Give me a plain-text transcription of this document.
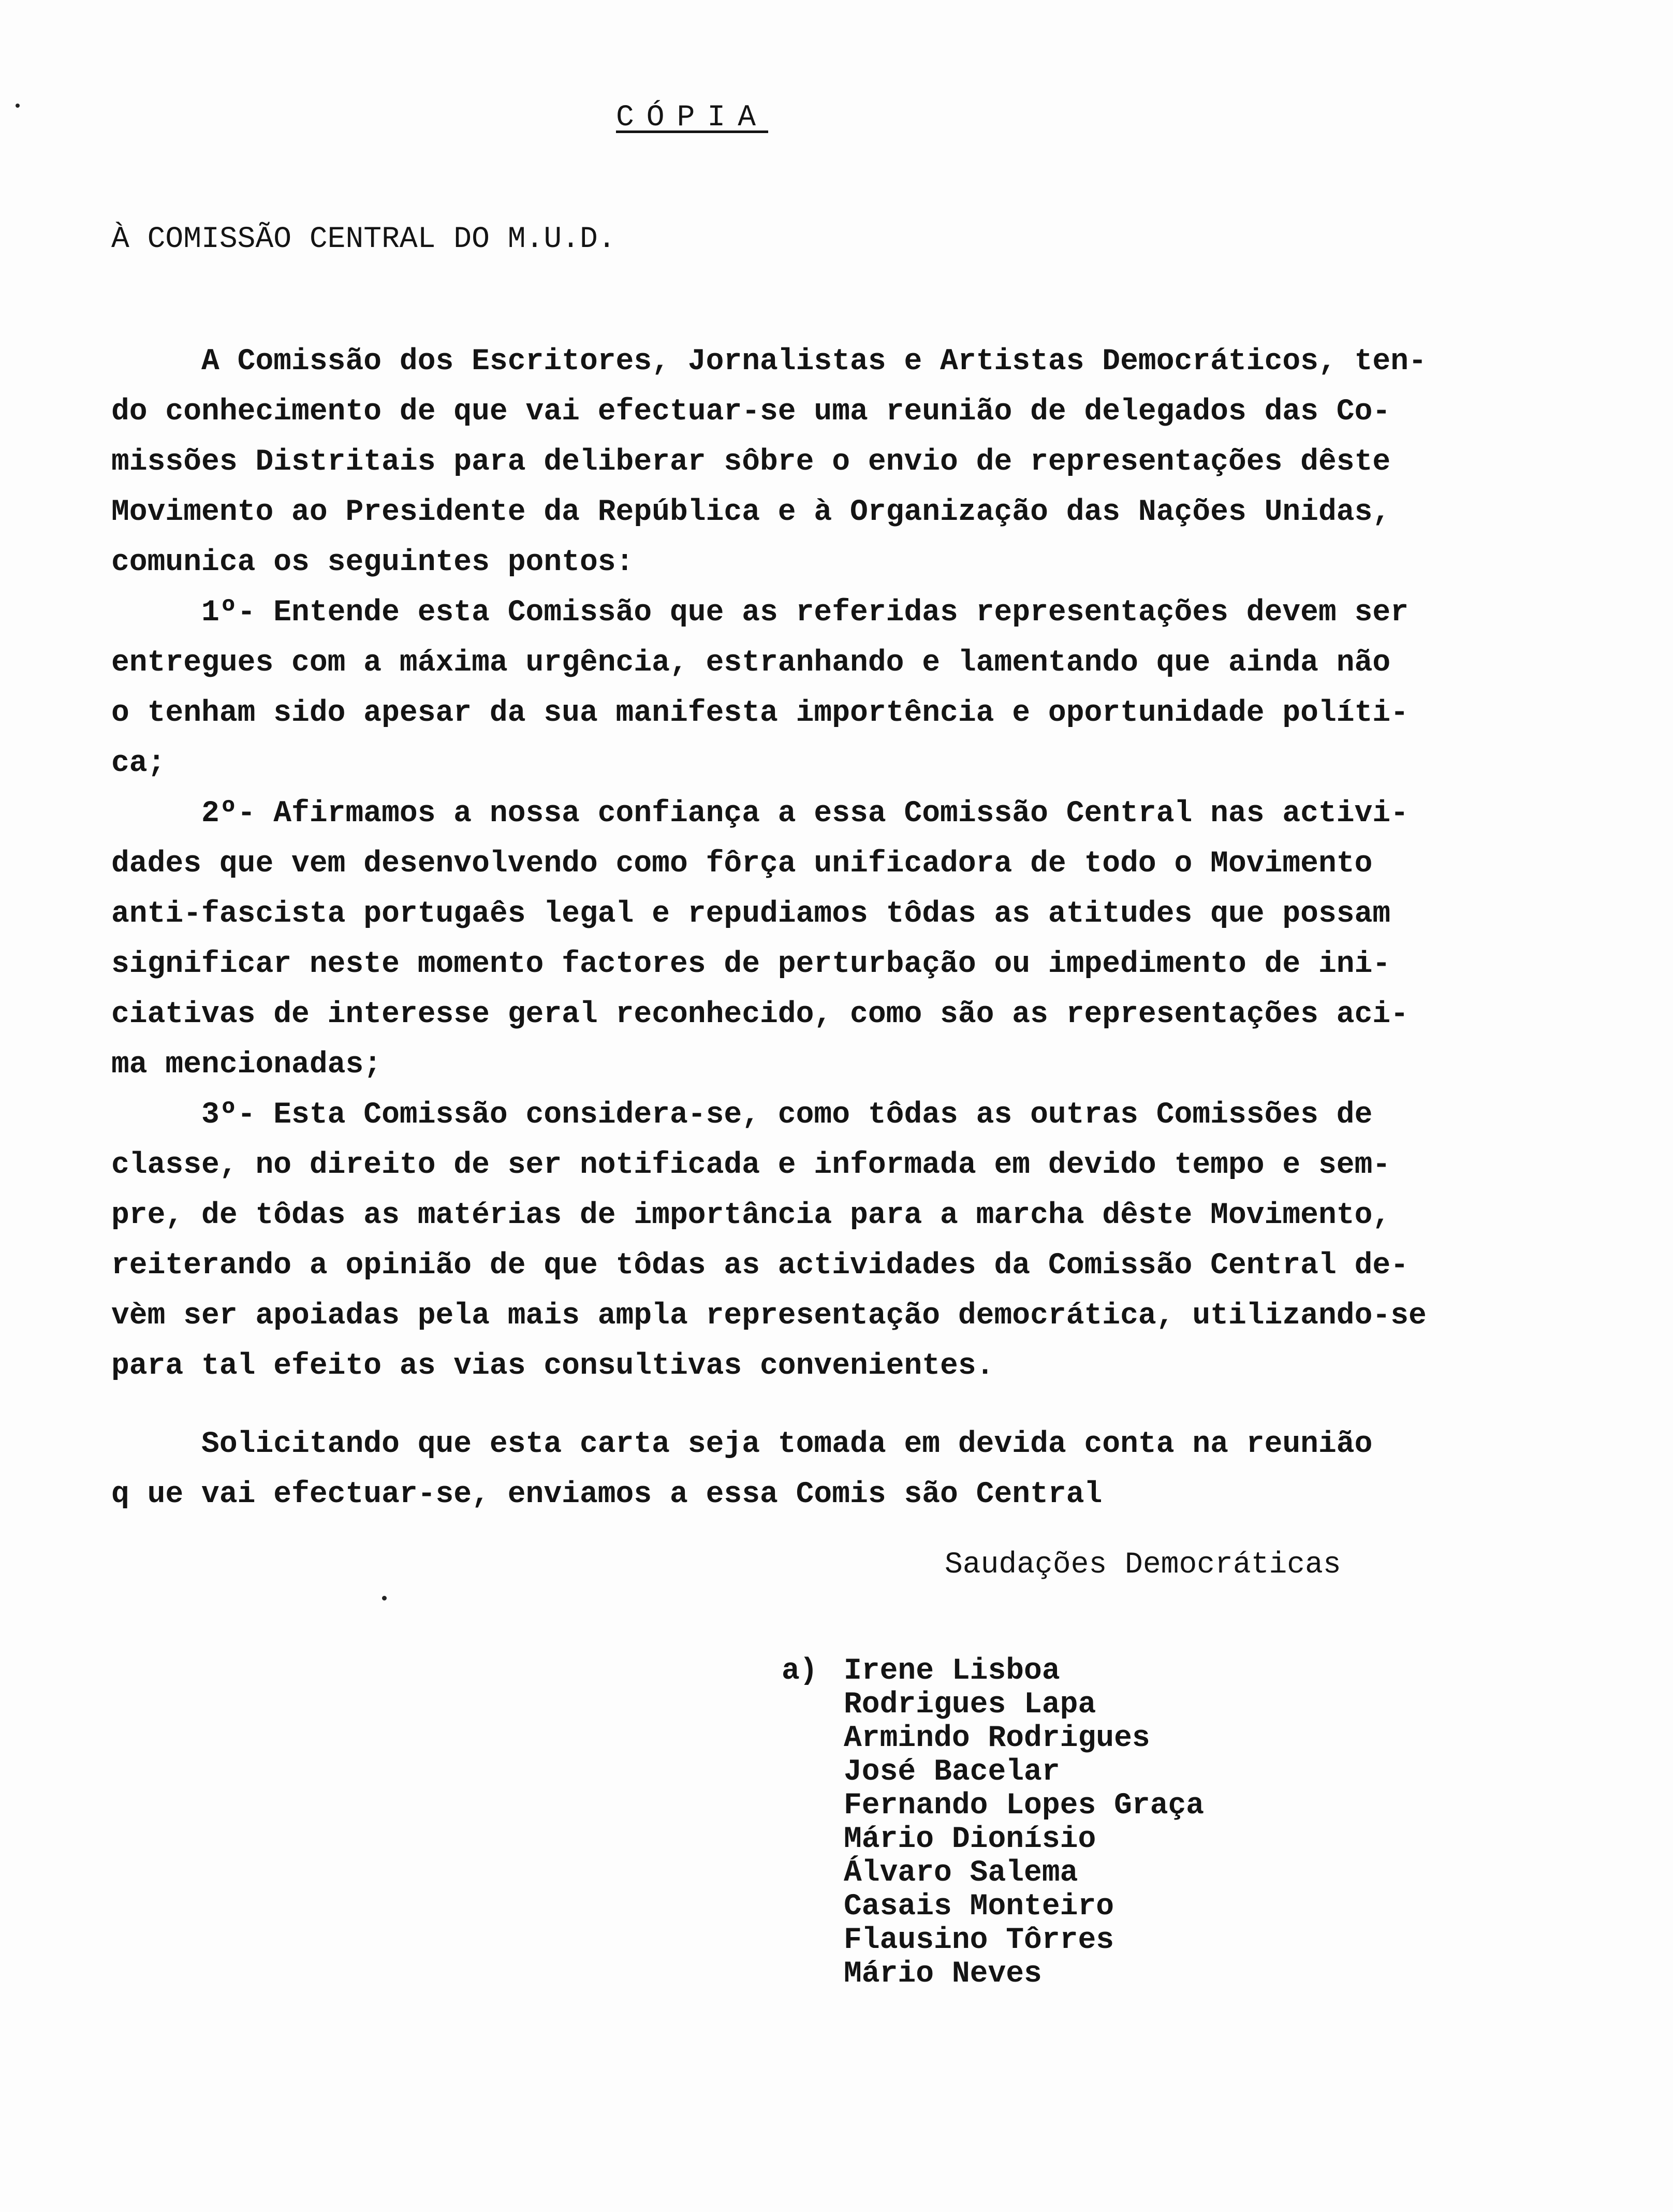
CÓPIA

À COMISSÃO CENTRAL DO M.U.D.

A Comissão dos Escritores, Jornalistas e Artistas Democráticos, ten-
do conhecimento de que vai efectuar-se uma reunião de delegados das Co-
missões Distritais para deliberar sôbre o envio de representações dêste
Movimento ao Presidente da República e à Organização das Nações Unidas,
comunica os seguintes pontos:
1º- Entende esta Comissão que as referidas representações devem ser
entregues com a máxima urgência, estranhando e lamentando que ainda não
o tenham sido apesar da sua manifesta importência e oportunidade políti-
ca;
2º- Afirmamos a nossa confiança a essa Comissão Central nas activi-
dades que vem desenvolvendo como fôrça unificadora de todo o Movimento
anti-fascista portugaês legal e repudiamos tôdas as atitudes que possam
significar neste momento factores de perturbação ou impedimento de ini-
ciativas de interesse geral reconhecido, como são as representações aci-
ma mencionadas;
3º- Esta Comissão considera-se, como tôdas as outras Comissões de
classe, no direito de ser notificada e informada em devido tempo e sem-
pre, de tôdas as matérias de importância para a marcha dêste Movimento,
reiterando a opinião de que tôdas as actividades da Comissão Central de-
vèm ser apoiadas pela mais ampla representação democrática, utilizando-se
para tal efeito as vias consultivas convenientes.
Solicitando que esta carta seja tomada em devida conta na reunião
q ue vai efectuar-se, enviamos a essa Comis são Central

Saudações Democráticas

a) Irene Lisboa
Rodrigues Lapa
Armindo Rodrigues
José Bacelar
Fernando Lopes Graça
Mário Dionísio
Álvaro Salema
Casais Monteiro
Flausino Tôrres
Mário Neves
